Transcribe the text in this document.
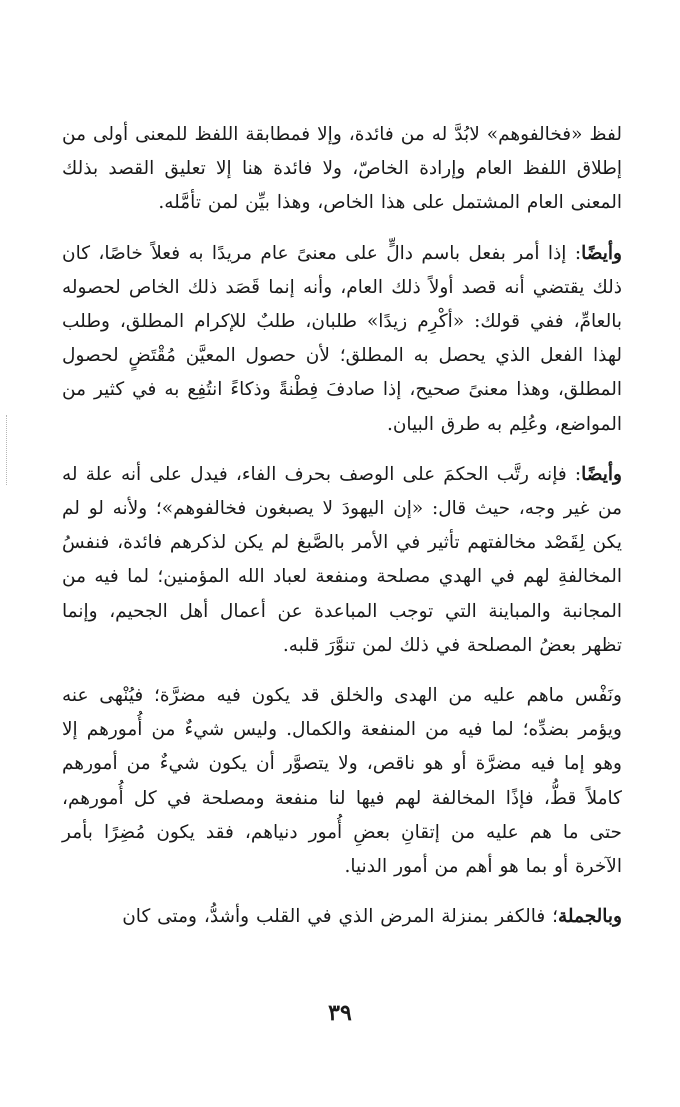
لفظ «فخالفوهم» لابُدَّ له من فائدة، وإلا فمطابقة اللفظ للمعنى أولى من إطلاق اللفظ العام وإرادة الخاصّ، ولا فائدة هنا إلا تعليق القصد بذلك المعنى العام المشتمل على هذا الخاص، وهذا بيِّن لمن تأمَّله.

وأيضًا: إذا أمر بفعل باسم دالٍّ على معنىً عام مريدًا به فعلاً خاصًا، كان ذلك يقتضي أنه قصد أولاً ذلك العام، وأنه إنما قَصَد ذلك الخاص لحصوله بالعامِّ، ففي قولك: «أكْرِم زيدًا» طلبان، طلبٌ للإكرام المطلق، وطلب لهذا الفعل الذي يحصل به المطلق؛ لأن حصول المعيَّن مُقْتَضٍ لحصول المطلق، وهذا معنىً صحيح، إذا صادفَ فِطْنةً وذكاءً انتُفِع به في كثير من المواضع، وعُلِم به طرق البيان.

وأيضًا: فإنه رتَّب الحكمَ على الوصف بحرف الفاء، فيدل على أنه علة له من غير وجه، حيث قال: «إن اليهودَ لا يصبغون فخالفوهم»؛ ولأنه لو لم يكن لِقَصْد مخالفتهم تأثير في الأمر بالصَّبغ لم يكن لذكرهم فائدة، فنفسُ المخالفةِ لهم في الهدي مصلحة ومنفعة لعباد الله المؤمنين؛ لما فيه من المجانبة والمباينة التي توجب المباعدة عن أعمال أهل الجحيم، وإنما تظهر بعضُ المصلحة في ذلك لمن تنوَّرَ قلبه.

ونَفْس ماهم عليه من الهدى والخلق قد يكون فيه مضرَّة؛ فيُنْهى عنه ويؤمر بضدِّه؛ لما فيه من المنفعة والكمال. وليس شيءٌ من أُمورهم إلا وهو إما فيه مضرَّة أو هو ناقص، ولا يتصوَّر أن يكون شيءٌ من أمورهم كاملاً قطُّ، فإذًا المخالفة لهم فيها لنا منفعة ومصلحة في كل أُمورهم، حتى ما هم عليه من إتقانِ بعضِ أُمور دنياهم، فقد يكون مُضِرًا بأمر الآخرة أو بما هو أهم من أمور الدنيا.

وبالجملة؛ فالكفر بمنزلة المرض الذي في القلب وأشدُّ، ومتى كان

٣٩
